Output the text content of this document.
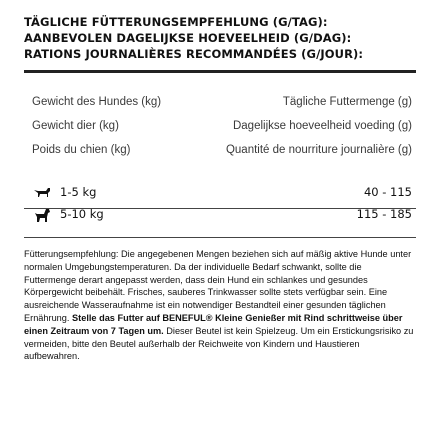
TÄGLICHE FÜTTERUNGSEMPFEHLUNG (G/TAG):
AANBEVOLEN DAGELIJKSE HOEVEELHEID (G/DAG):
RATIONS JOURNALIÈRES RECOMMANDÉES (G/JOUR):
Gewicht des Hundes (kg)	Tägliche Futtermenge (g)
Gewicht dier (kg)	Dagelijkse hoeveelheid voeding (g)
Poids du chien (kg)	Quantité de nourriture journalière (g)
1-5 kg	40 - 115
5-10 kg	115 - 185
Fütterungsempfehlung: Die angegebenen Mengen beziehen sich auf mäßig aktive Hunde unter normalen Umgebungstemperaturen. Da der individuelle Bedarf schwankt, sollte die Futtermenge derart angepasst werden, dass dein Hund ein schlankes und gesundes Körpergewicht beibehält. Frisches, sauberes Trinkwasser sollte stets verfügbar sein. Eine ausreichende Wasseraufnahme ist ein notwendiger Bestandteil einer gesunden täglichen Ernährung. Stelle das Futter auf BENEFUL® Kleine Genießer mit Rind schrittweise über einen Zeitraum von 7 Tagen um. Dieser Beutel ist kein Spielzeug. Um ein Erstickungsrisiko zu vermeiden, bitte den Beutel außerhalb der Reichweite von Kindern und Haustieren aufbewahren.
